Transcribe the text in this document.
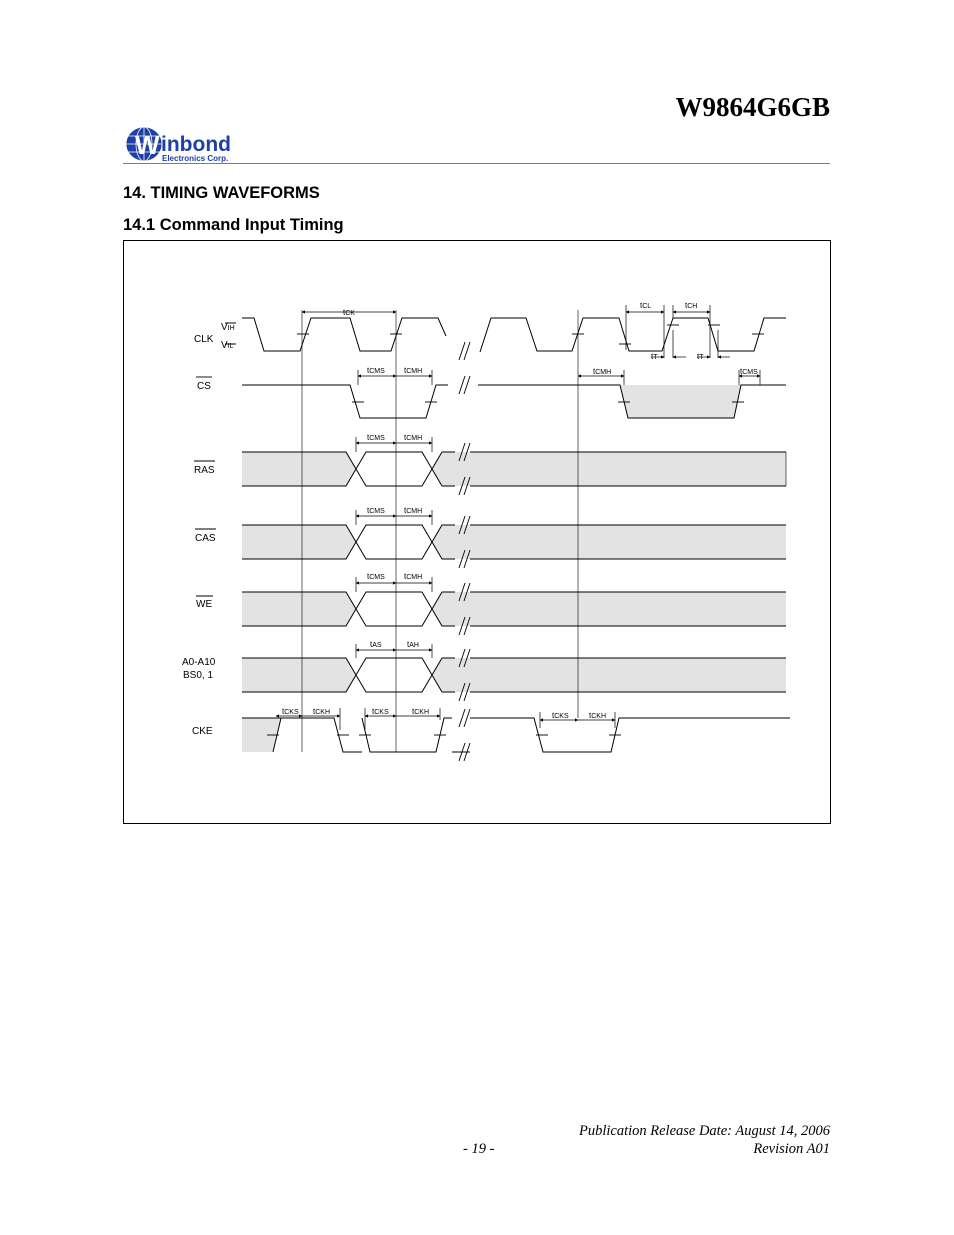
W9864G6GB
W inbond
Electronics Corp.
14. TIMING WAVEFORMS
14.1 Command Input Timing
CLK
VIH
VIL
CS
RAS
CAS
WE
A0-A10
BS0, 1
CKE
tCK
tCL	tCH
tT	tT
tCMS tCMH	tCMH	tCMS
tCMS tCMH
tCMS tCMH
tCMS tCMH
tAS	tAH
tCKS tCKH	tCKS	tCKH	tCKS	tCKH
Publication Release Date: August 14, 2006
- 19 -	Revision A01
